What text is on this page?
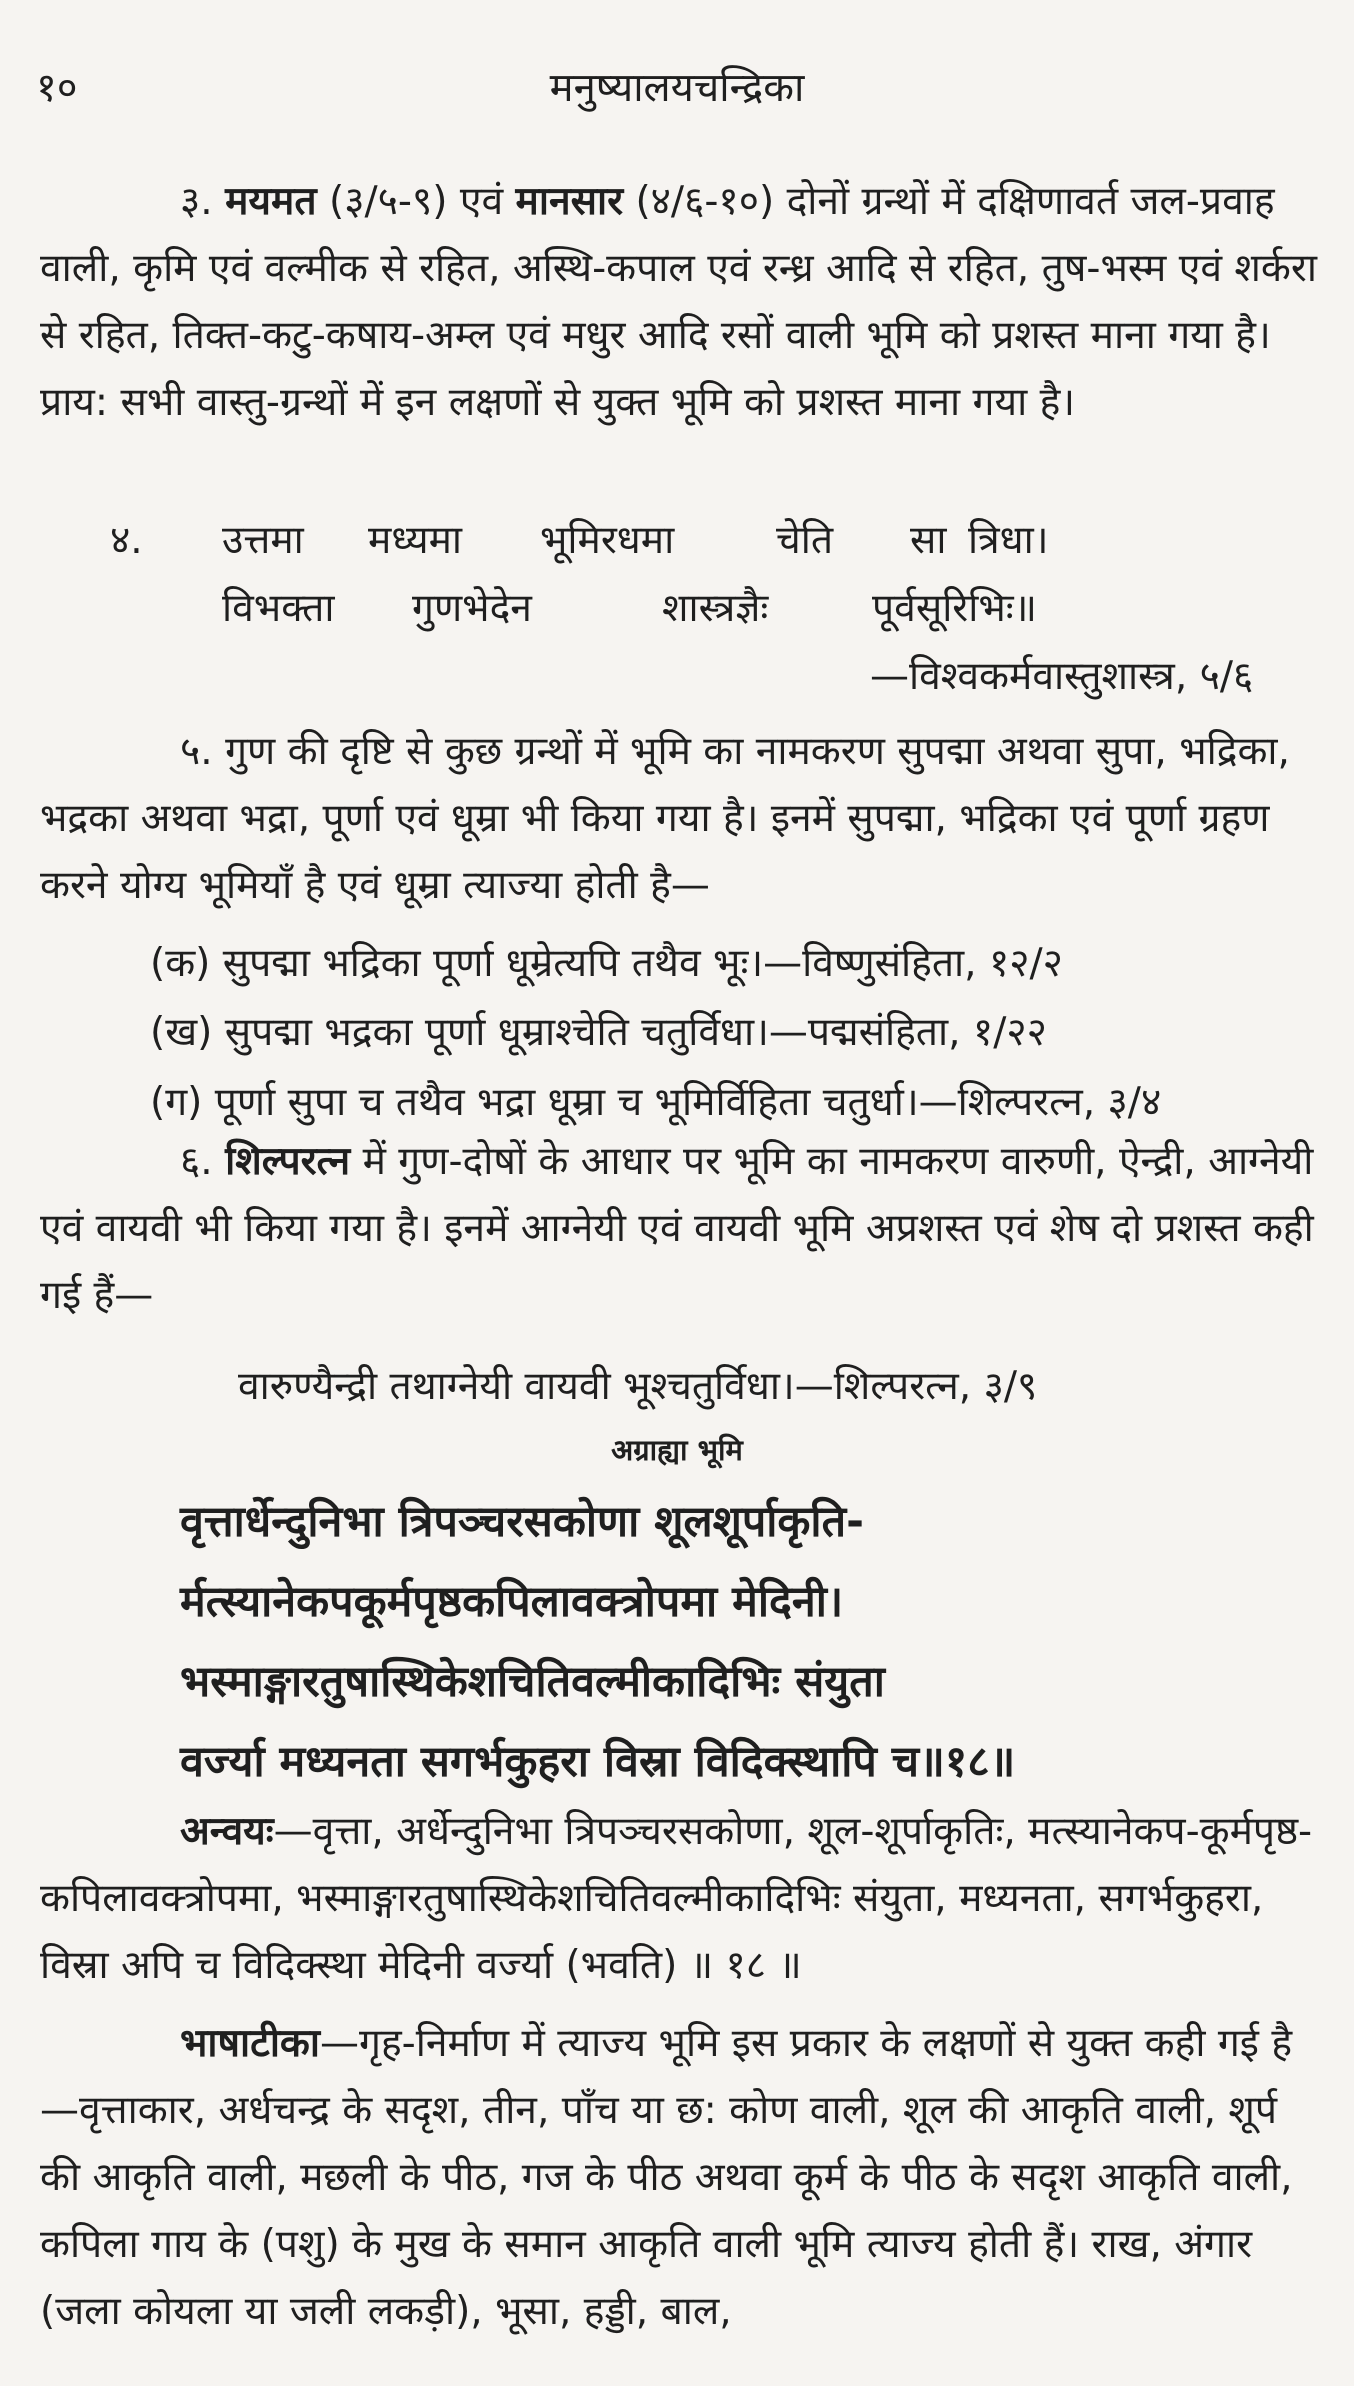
१०	मनुष्यालयचन्द्रिका
३. मयमत (३/५-९) एवं मानसार (४/६-१०) दोनों ग्रन्थों में दक्षिणावर्त जल-प्रवाह वाली, कृमि एवं वल्मीक से रहित, अस्थि-कपाल एवं रन्ध्र आदि से रहित, तुष-भस्म एवं शर्करा से रहित, तिक्त-कटु-कषाय-अम्ल एवं मधुर आदि रसों वाली भूमि को प्रशस्त माना गया है। प्राय: सभी वास्तु-ग्रन्थों में इन लक्षणों से युक्त भूमि को प्रशस्त माना गया है।
४. उत्तमा मध्यमा भूमिरधमा	चेति सा त्रिधा।
विभक्ता गुणभेदेन	शास्त्रज्ञैः	पूर्वसूरिभिः॥
—विश्वकर्मवास्तुशास्त्र, ५/६
५. गुण की दृष्टि से कुछ ग्रन्थों में भूमि का नामकरण सुपद्मा अथवा सुपा, भद्रिका, भद्रका अथवा भद्रा, पूर्णा एवं धूम्रा भी किया गया है। इनमें सुपद्मा, भद्रिका एवं पूर्णा ग्रहण करने योग्य भूमियाँ है एवं धूम्रा त्याज्या होती है—
(क) सुपद्मा भद्रिका पूर्णा धूम्रेत्यपि तथैव भूः।—विष्णुसंहिता, १२/२
(ख) सुपद्मा भद्रका पूर्णा धूम्राश्चेति चतुर्विधा।—पद्मसंहिता, १/२२
(ग) पूर्णा सुपा च तथैव भद्रा धूम्रा च भूमिर्विहिता चतुर्धा।—शिल्परत्न, ३/४
६. शिल्परत्न में गुण-दोषों के आधार पर भूमि का नामकरण वारुणी, ऐन्द्री, आग्नेयी एवं वायवी भी किया गया है। इनमें आग्नेयी एवं वायवी भूमि अप्रशस्त एवं शेष दो प्रशस्त कही गई हैं—
वारुण्यैन्द्री तथाग्नेयी वायवी भूश्चतुर्विधा।—शिल्परत्न, ३/९
अग्राह्या भूमि
वृत्तार्धेन्दुनिभा त्रिपञ्चरसकोणा शूलशूर्पाकृति-
र्मत्स्यानेकपकूर्मपृष्ठकपिलावक्त्रोपमा मेदिनी।
भस्माङ्गारतुषास्थिकेशचितिवल्मीकादिभिः संयुता
वर्ज्या मध्यनता सगर्भकुहरा विस्रा विदिक्स्थापि च॥१८॥
अन्वयः—वृत्ता, अर्धेन्दुनिभा त्रिपञ्चरसकोणा, शूल-शूर्पाकृतिः, मत्स्यानेकप-कूर्मपृष्ठ-कपिलावक्त्रोपमा, भस्माङ्गारतुषास्थिकेशचितिवल्मीकादिभिः संयुता, मध्यनता, सगर्भकुहरा, विस्रा अपि च विदिक्स्था मेदिनी वर्ज्या (भवति) ॥ १८ ॥
भाषाटीका—गृह-निर्माण में त्याज्य भूमि इस प्रकार के लक्षणों से युक्त कही गई है—वृत्ताकार, अर्धचन्द्र के सदृश, तीन, पाँच या छ: कोण वाली, शूल की आकृति वाली, शूर्प की आकृति वाली, मछली के पीठ, गज के पीठ अथवा कूर्म के पीठ के सदृश आकृति वाली, कपिला गाय के (पशु) के मुख के समान आकृति वाली भूमि त्याज्य होती हैं। राख, अंगार (जला कोयला या जली लकड़ी), भूसा, हड्डी, बाल,
